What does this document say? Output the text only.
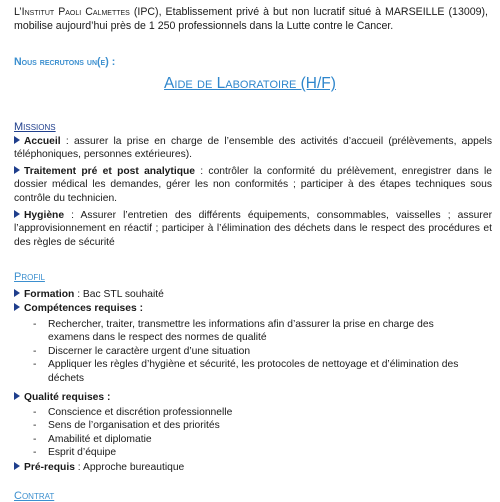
L’Institut Paoli Calmettes (IPC), Etablissement privé à but non lucratif situé à MARSEILLE (13009), mobilise aujourd’hui près de 1 250 professionnels dans la Lutte contre le Cancer.

Nous recrutons un(e) :
Aide de Laboratoire (H/F)
Missions

Accueil : assurer la prise en charge de l’ensemble des activités d’accueil (prélèvements, appels téléphoniques, personnes extérieures).

Traitement pré et post analytique : contrôler la conformité du prélèvement, enregistrer dans le dossier médical les demandes, gérer les non conformités ; participer à des étapes techniques sous contrôle du technicien.

Hygiène : Assurer l’entretien des différents équipements, consommables, vaisselles ; assurer l’approvisionnement en réactif ; participer à l’élimination des déchets dans le respect des procédures et des règles de sécurité

Profil

Formation : Bac STL souhaité

Compétences requises :

- Rechercher, traiter, transmettre les informations afin d’assurer la prise en charge des examens dans le respect des normes de qualité
- Discerner le caractère urgent d’une situation
- Appliquer les règles d’hygiène et sécurité, les protocoles de nettoyage et d’élimination des déchets

Qualité requises :

- Conscience et discrétion professionnelle
- Sens de l’organisation et des priorités
- Amabilité et diplomatie
- Esprit d’équipe

Pré-requis : Approche bureautique

Contrat
